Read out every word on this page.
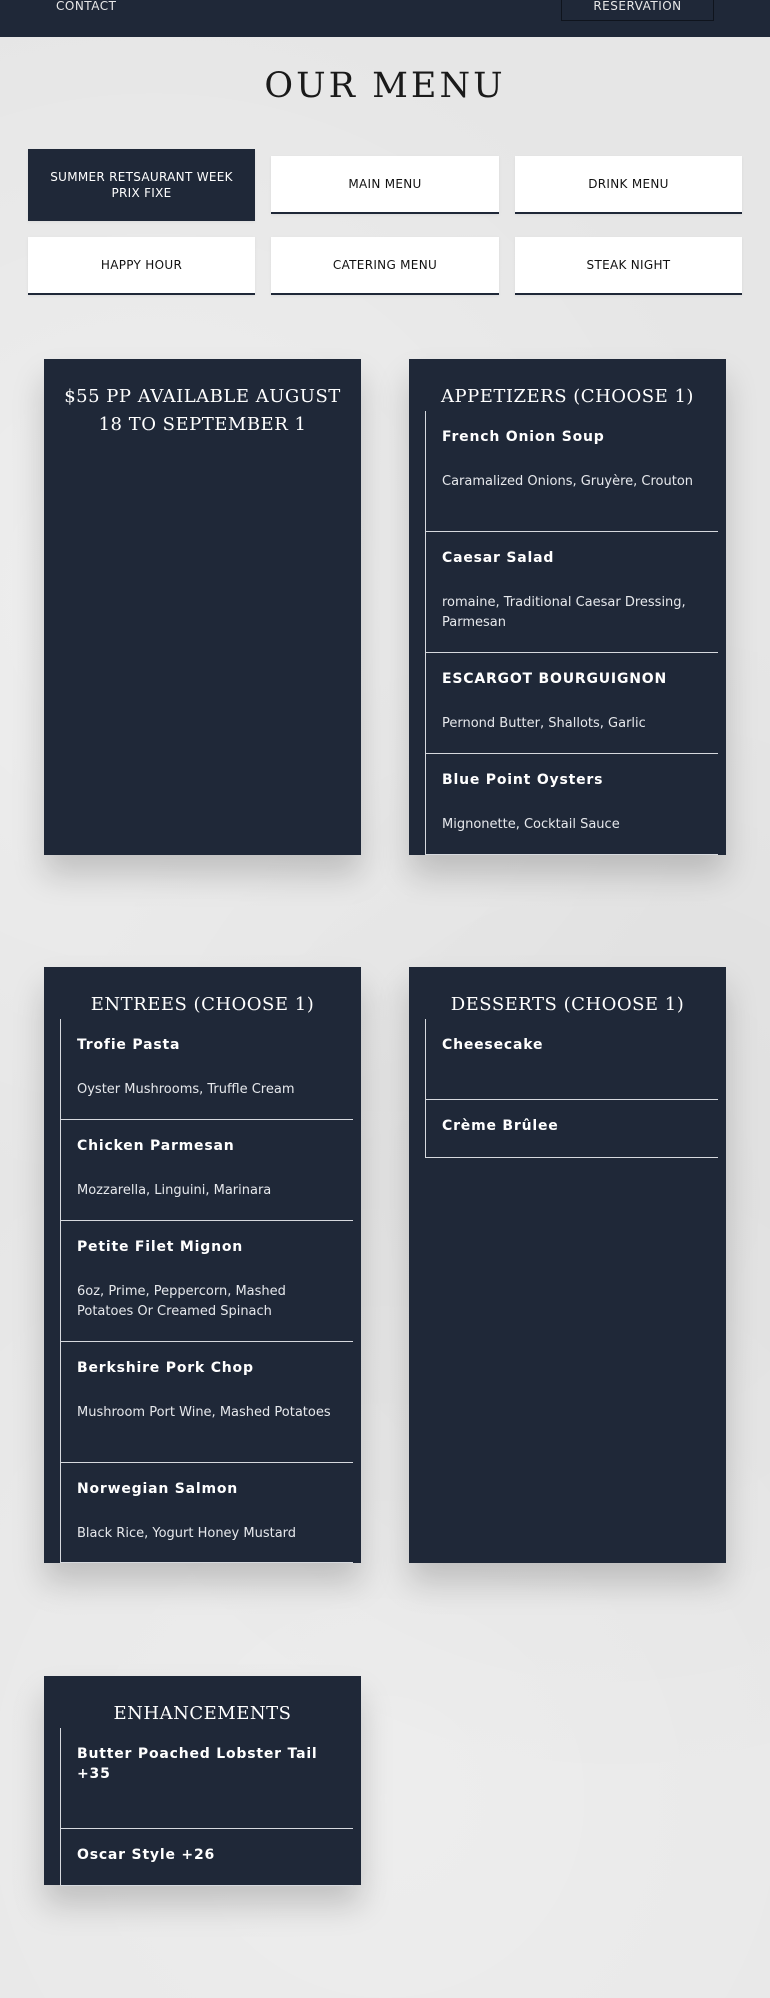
CONTACT	RESERVATION
OUR MENU
SUMMER RETSAURANT WEEK PRIX FIXE
MAIN MENU	DRINK MENU
HAPPY HOUR	CATERING MENU	STEAK NIGHT
$55 PP AVAILABLE AUGUST 18 TO SEPTEMBER 1
APPETIZERS (CHOOSE 1)
French Onion Soup
Caramalized Onions, Gruyère, Crouton
Caesar Salad
romaine, Traditional Caesar Dressing, Parmesan
ESCARGOT BOURGUIGNON
Pernond Butter, Shallots, Garlic
Blue Point Oysters
Mignonette, Cocktail Sauce
ENTREES (CHOOSE 1)
Trofie Pasta
Oyster Mushrooms, Truffle Cream
Chicken Parmesan
Mozzarella, Linguini, Marinara
Petite Filet Mignon
6oz, Prime, Peppercorn, Mashed Potatoes Or Creamed Spinach
Berkshire Pork Chop
Mushroom Port Wine, Mashed Potatoes
Norwegian Salmon
Black Rice, Yogurt Honey Mustard
DESSERTS (CHOOSE 1)
Cheesecake
Crème Brûlee
ENHANCEMENTS
Butter Poached Lobster Tail +35
Oscar Style +26
